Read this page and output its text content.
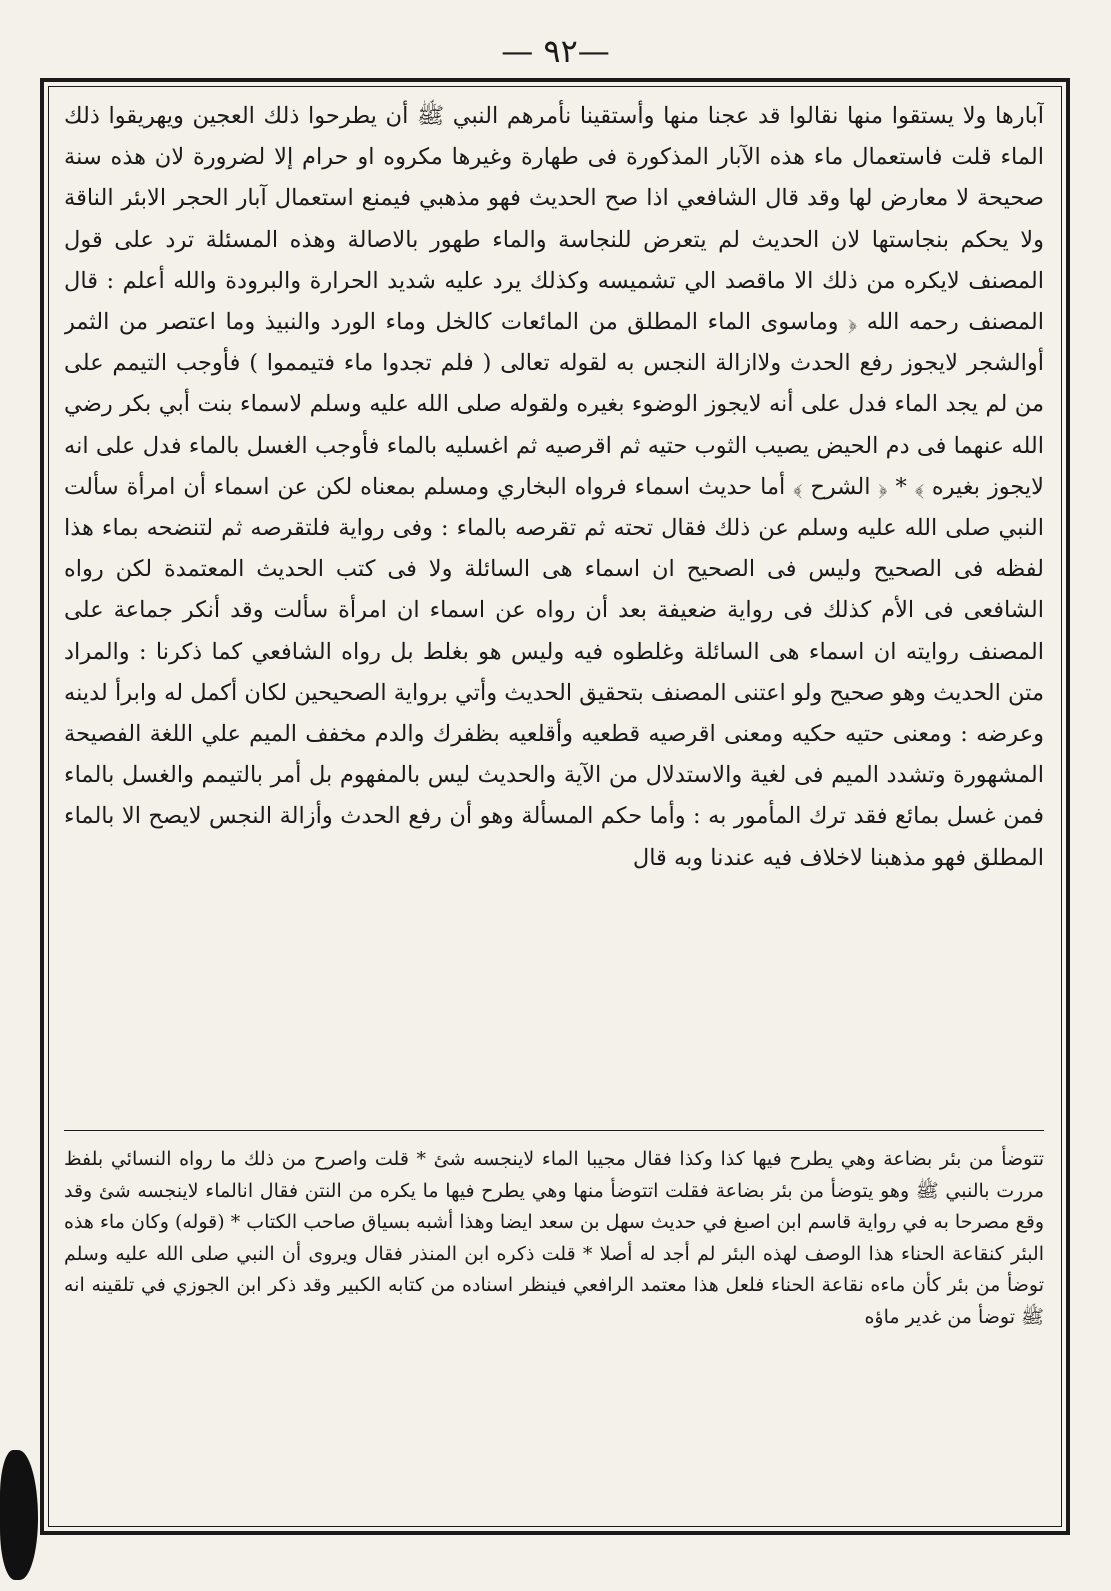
— ٩٢—

آبارها ولا يستقوا منها نقالوا قد عجنا منها وأستقينا نأمرهم النبي ﷺ أن يطرحوا ذلك العجين ويهريقوا ذلك الماء قلت فاستعمال ماء هذه الآبار المذكورة فى طهارة وغيرها مكروه او حرام إلا لضرورة لان هذه سنة صحيحة لا معارض لها وقد قال الشافعي اذا صح الحديث فهو مذهبي فيمنع استعمال آبار الحجر الابئر الناقة ولا يحكم بنجاستها لان الحديث لم يتعرض للنجاسة والماء طهور بالاصالة وهذه المسئلة ترد على قول المصنف لايكره من ذلك الا ماقصد الي تشميسه وكذلك يرد عليه شديد الحرارة والبرودة والله أعلم : قال المصنف رحمه الله ﴿ وماسوى الماء المطلق من المائعات كالخل وماء الورد والنبيذ وما اعتصر من الثمر أوالشجر لايجوز رفع الحدث ولاازالة النجس به لقوله تعالى ( فلم تجدوا ماء فتيمموا ) فأوجب التيمم على من لم يجد الماء فدل على أنه لايجوز الوضوء بغيره ولقوله صلى الله عليه وسلم لاسماء بنت أبي بكر رضي الله عنهما فى دم الحيض يصيب الثوب حتيه ثم اقرصيه ثم اغسليه بالماء فأوجب الغسل بالماء فدل على انه لايجوز بغيره ﴾ * ﴿ الشرح ﴾ أما حديث اسماء فرواه البخاري ومسلم بمعناه لكن عن اسماء أن امرأة سألت النبي صلى الله عليه وسلم عن ذلك فقال تحته ثم تقرصه بالماء : وفى رواية فلتقرصه ثم لتنضحه بماء هذا لفظه فى الصحيح وليس فى الصحيح ان اسماء هى السائلة ولا فى كتب الحديث المعتمدة لكن رواه الشافعى فى الأم كذلك فى رواية ضعيفة بعد أن رواه عن اسماء ان امرأة سألت وقد أنكر جماعة على المصنف روايته ان اسماء هى السائلة وغلطوه فيه وليس هو بغلط بل رواه الشافعي كما ذكرنا : والمراد متن الحديث وهو صحيح ولو اعتنى المصنف بتحقيق الحديث وأتي برواية الصحيحين لكان أكمل له وابرأ لدينه وعرضه : ومعنى حتيه حكيه ومعنى اقرصيه قطعيه وأقلعيه بظفرك والدم مخفف الميم علي اللغة الفصيحة المشهورة وتشدد الميم فى لغية والاستدلال من الآية والحديث ليس بالمفهوم بل أمر بالتيمم والغسل بالماء فمن غسل بمائع فقد ترك المأمور به : وأما حكم المسألة وهو أن رفع الحدث وأزالة النجس لايصح الا بالماء المطلق فهو مذهبنا لاخلاف فيه عندنا وبه قال

تتوضأ من بئر بضاعة وهي يطرح فيها كذا وكذا فقال مجيبا الماء لاينجسه شئ * قلت واصرح من ذلك ما رواه النسائي بلفظ مررت بالنبي ﷺ وهو يتوضأ من بئر بضاعة فقلت اتتوضأ منها وهي يطرح فيها ما يكره من النتن فقال انالماء لاينجسه شئ وقد وقع مصرحا به في رواية قاسم ابن اصبغ في حديث سهل بن سعد ايضا وهذا أشبه بسياق صاحب الكتاب * (قوله) وكان ماء هذه البئر كنقاعة الحناء هذا الوصف لهذه البئر لم أجد له أصلا * قلت ذكره ابن المنذر فقال ويروى أن النبي صلى الله عليه وسلم توضأ من بئر كأن ماءه نقاعة الحناء فلعل هذا معتمد الرافعي فينظر اسناده من كتابه الكبير وقد ذكر ابن الجوزي في تلقينه انه ﷺ توضأ من غدير ماؤه
